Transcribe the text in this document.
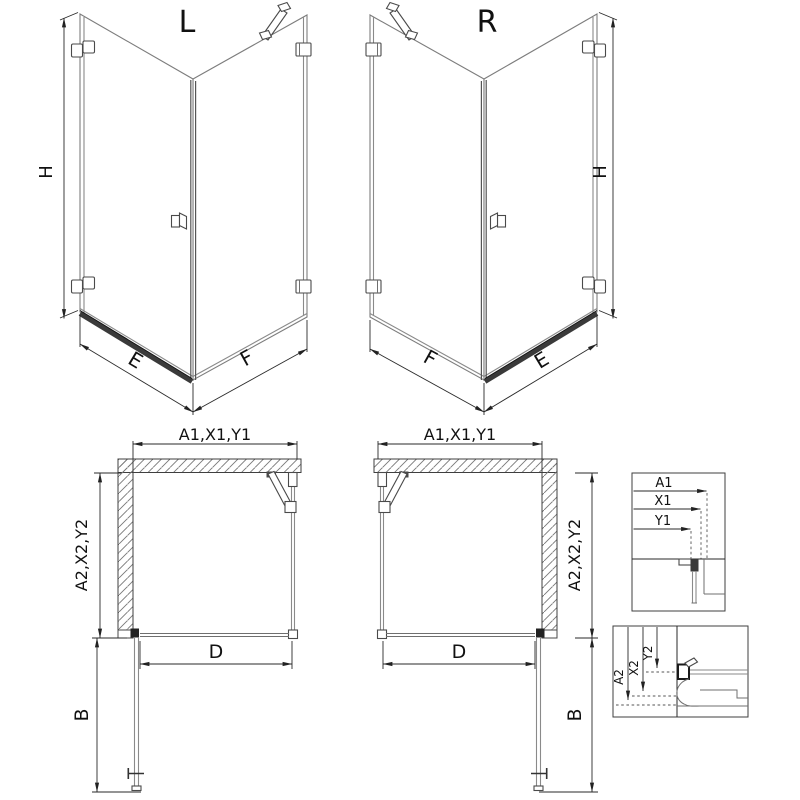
L	R
H
E	F
H
F	E
A1,X1,Y1
A2,X2,Y2
D
B
A1,X1,Y1
A2,X2,Y2
D
B
A1
X1
Y1
A2
X2
Y2
